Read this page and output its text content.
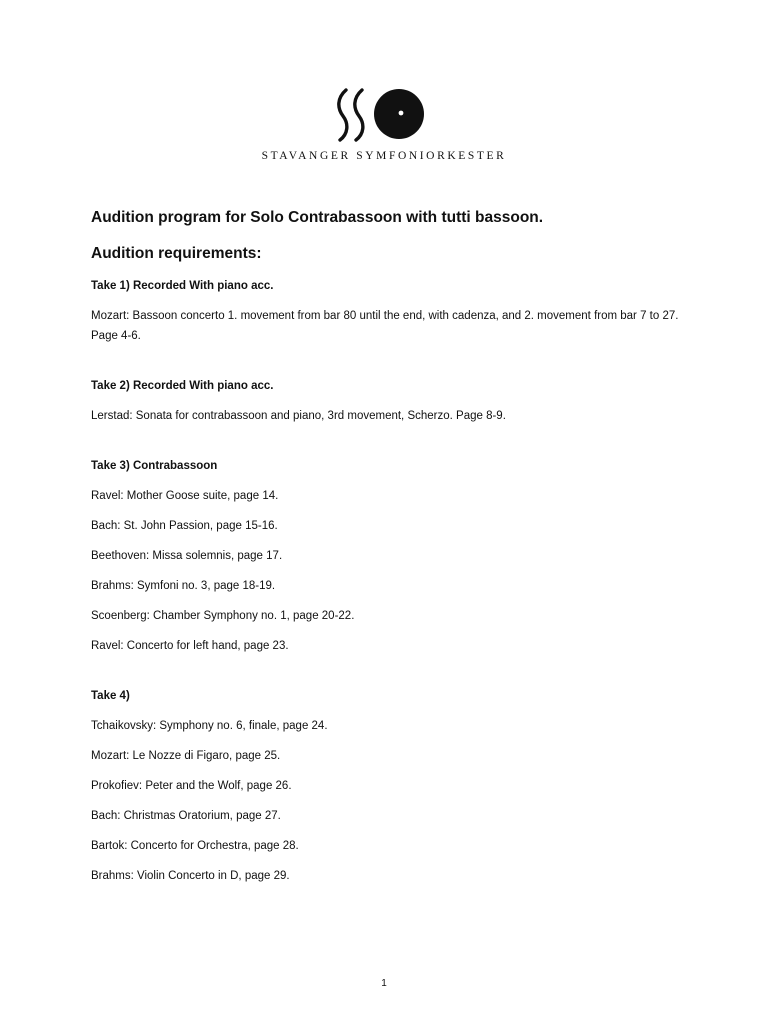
STAVANGER SYMFONIORKESTER
Audition program for Solo Contrabassoon with tutti bassoon.
Audition requirements:

Take 1) Recorded With piano acc.

Mozart: Bassoon concerto 1. movement from bar 80 until the end, with cadenza, and 2. movement from bar 7 to 27. Page 4-6.

Take 2) Recorded With piano acc.

Lerstad: Sonata for contrabassoon and piano, 3rd movement, Scherzo. Page 8-9.

Take 3) Contrabassoon

Ravel: Mother Goose suite, page 14.

Bach: St. John Passion, page 15-16.

Beethoven: Missa solemnis, page 17.

Brahms: Symfoni no. 3, page 18-19.

Scoenberg: Chamber Symphony no. 1, page 20-22.

Ravel: Concerto for left hand, page 23.

Take 4)

Tchaikovsky: Symphony no. 6, finale, page 24.

Mozart: Le Nozze di Figaro, page 25.

Prokofiev: Peter and the Wolf, page 26.

Bach: Christmas Oratorium, page 27.

Bartok: Concerto for Orchestra, page 28.

Brahms: Violin Concerto in D, page 29.

1
